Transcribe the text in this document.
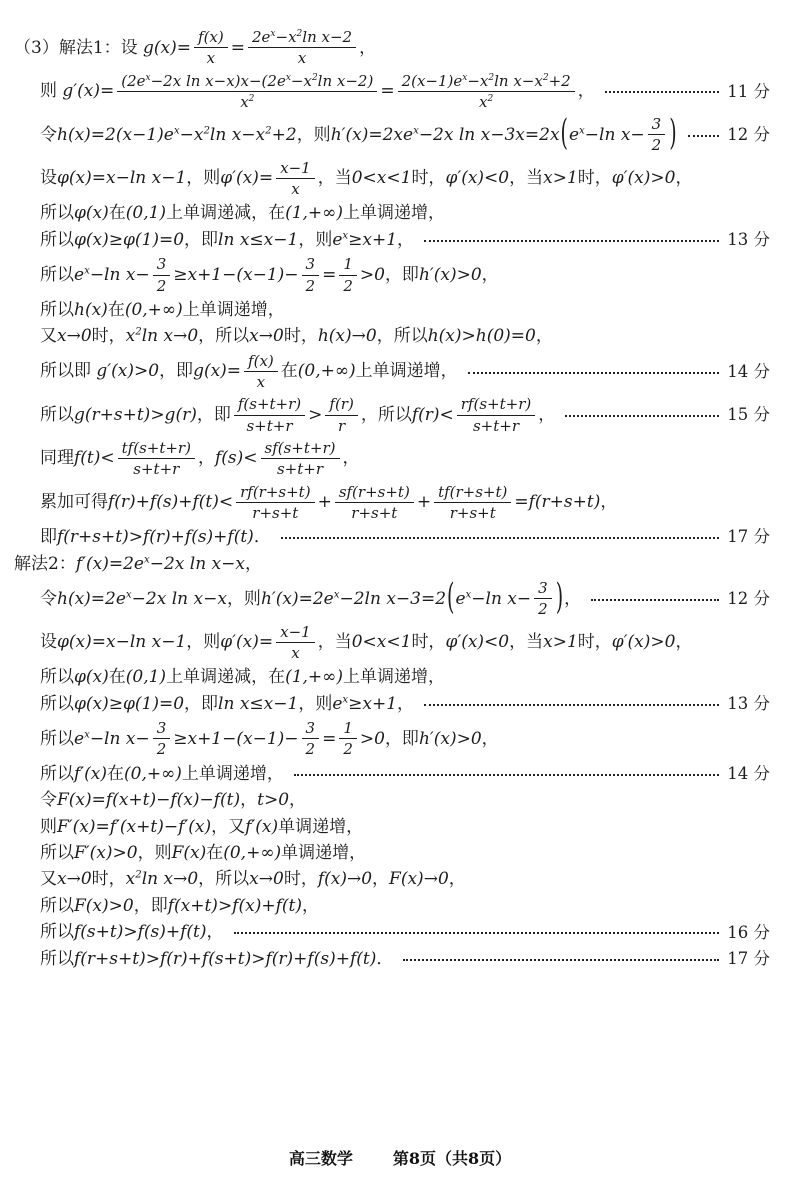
（3）解法1：设 $g(x)= \frac{f(x)}{x} = \frac{2e^x-x^2\ln x-2}{x}$ ，
则 $g'(x)= \frac{(2e^x-2x \ln x-x)x-(2e^x-x^2\ln x-2)}{x^2} = \frac{2(x-1)e^x-x^2\ln x-x^2+2}{x^2}$ ，	11 分
令 $h(x)=2(x-1)e^x-x^2\ln$ $x-x^2+2$ ，则 $h'(x)=2xe^x-2x$ ln x−3x=2x ( $e^x-\ln$ $x- \frac{3}{2}$ )	12 分
设 φ(x)=x−ln x−1 ，则 $\varphi'(x)= \frac{x-1}{x}$ ，当 0<x<1 时， φ′(x)<0 ，当 x>1 时， φ′(x)>0 ，
所以 φ(x) 在 (0,1) 上单调递减，在 (1,+∞) 上单调递增，
所以 φ(x)≥φ(1)=0 ，即 ln x≤x−1 ，则 $e^x\ge x+1$ ，	13 分
所以 $e^x-\ln$ $x- \frac{3}{2} \ge x+1-(x-1)- \frac{3}{2} = \frac{1}{2} >0$ ，即 h′(x)>0 ，
所以 h(x) 在 (0,+∞) 上单调递增，
又 x→0 时， $x^2\ln$ x→0 ，所以 x→0 时， h(x)→0 ，所以 h(x)>h(0)=0 ，
所以即 g′(x)>0 ，即 $g(x)= \frac{f(x)}{x}$ 在 (0,+∞) 上单调递增，	14 分
所以 g(r+s+t)>g(r) ，即 $\frac{f(s+t+r)}{s+t+r} > \frac{f(r)}{r}$ ，所以 $f(r)< \frac{rf(s+t+r)}{s+t+r}$ ，	15 分
同理 $f(t)< \frac{tf(s+t+r)}{s+t+r}$ ， $f(s)< \frac{sf(s+t+r)}{s+t+r}$ ，
累加可得 $f(r)+f(s)+f(t)< \frac{rf(r+s+t)}{r+s+t} + \frac{sf(r+s+t)}{r+s+t} + \frac{tf(r+s+t)}{r+s+t} =f(r+s+t)$ ，
即 f(r+s+t)>f(r)+f(s)+f(t) ．	17 分
解法2： $f'(x)=2e^x-2x$ ln x−x ，
令 $h(x)=2e^x-2x$ ln x−x ，则 $h'(x)=2e^x-2\ln$ x−3=2 ( $e^x-\ln$ $x- \frac{3}{2}$ ) ，	12 分
设 φ(x)=x−ln x−1 ，则 $\varphi'(x)= \frac{x-1}{x}$ ，当 0<x<1 时， φ′(x)<0 ，当 x>1 时， φ′(x)>0 ，
所以 φ(x) 在 (0,1) 上单调递减，在 (1,+∞) 上单调递增，
所以 φ(x)≥φ(1)=0 ，即 ln x≤x−1 ，则 $e^x\ge x+1$ ，	13 分
所以 $e^x-\ln$ $x- \frac{3}{2} \ge x+1-(x-1)- \frac{3}{2} = \frac{1}{2} >0$ ，即 h′(x)>0 ，
所以 f′(x) 在 (0,+∞) 上单调递增，	14 分
令 F(x)=f(x+t)−f(x)−f(t) ， t>0 ，
则 F′(x)=f′(x+t)−f′(x) ，又 f′(x) 单调递增，
所以 F′(x)>0 ，则 F(x) 在 (0,+∞) 单调递增，
又 x→0 时， $x^2\ln$ x→0 ，所以 x→0 时， f(x)→0 ， F(x)→0 ，
所以 F(x)>0 ，即 f(x+t)>f(x)+f(t) ，
所以 f(s+t)>f(s)+f(t) ，	16 分
所以 f(r+s+t)>f(r)+f(s+t)>f(r)+f(s)+f(t) ．	17 分
高三数学	第8页（共8页）
